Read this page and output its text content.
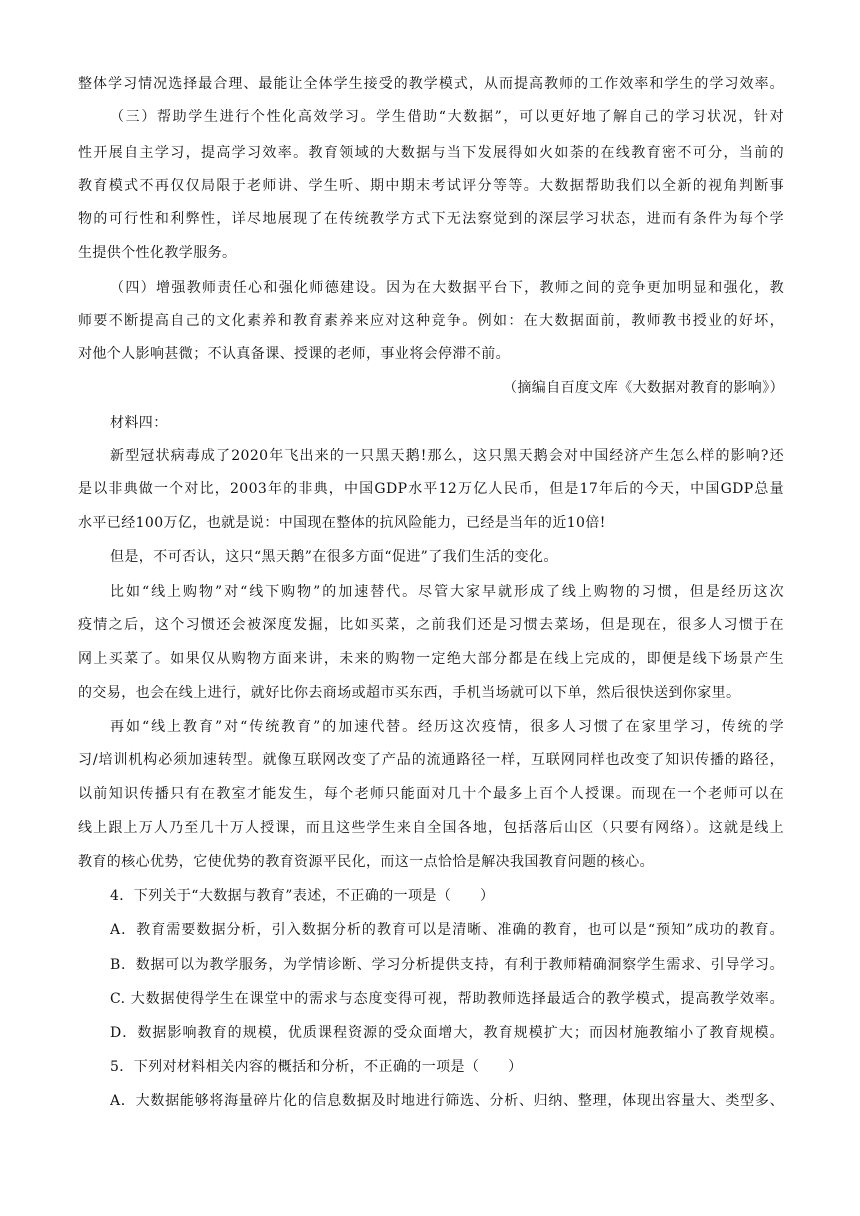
整体学习情况选择最合理、最能让全体学生接受的教学模式，从而提高教师的工作效率和学生的学习效率。
（三）帮助学生进行个性化高效学习。学生借助“大数据”，可以更好地了解自己的学习状况，针对
性开展自主学习，提高学习效率。教育领域的大数据与当下发展得如火如荼的在线教育密不可分，当前的
教育模式不再仅仅局限于老师讲、学生听、期中期末考试评分等等。大数据帮助我们以全新的视角判断事
物的可行性和利弊性，详尽地展现了在传统教学方式下无法察觉到的深层学习状态，进而有条件为每个学
生提供个性化教学服务。
（四）增强教师责任心和强化师德建设。因为在大数据平台下，教师之间的竞争更加明显和强化，教
师要不断提高自己的文化素养和教育素养来应对这种竞争。例如：在大数据面前，教师教书授业的好坏，
对他个人影响甚微；不认真备课、授课的老师，事业将会停滞不前。
（摘编自百度文库《大数据对教育的影响》）
材料四：
新型冠状病毒成了2020年飞出来的一只黑天鹅!那么，这只黑天鹅会对中国经济产生怎么样的影响?还
是以非典做一个对比，2003年的非典，中国GDP水平12万亿人民币，但是17年后的今天，中国GDP总量
水平已经100万亿，也就是说：中国现在整体的抗风险能力，已经是当年的近10倍!
但是，不可否认，这只“黑天鹅”在很多方面“促进”了我们生活的变化。
比如“线上购物”对“线下购物”的加速替代。尽管大家早就形成了线上购物的习惯，但是经历这次
疫情之后，这个习惯还会被深度发掘，比如买菜，之前我们还是习惯去菜场，但是现在，很多人习惯于在
网上买菜了。如果仅从购物方面来讲，未来的购物一定绝大部分都是在线上完成的，即便是线下场景产生
的交易，也会在线上进行，就好比你去商场或超市买东西，手机当场就可以下单，然后很快送到你家里。
再如“线上教育”对“传统教育”的加速代替。经历这次疫情，很多人习惯了在家里学习，传统的学
习/培训机构必须加速转型。就像互联网改变了产品的流通路径一样，互联网同样也改变了知识传播的路径，
以前知识传播只有在教室才能发生，每个老师只能面对几十个最多上百个人授课。而现在一个老师可以在
线上跟上万人乃至几十万人授课，而且这些学生来自全国各地，包括落后山区（只要有网络）。这就是线上
教育的核心优势，它使优势的教育资源平民化，而这一点恰恰是解决我国教育问题的核心。
4．下列关于“大数据与教育”表述，不正确的一项是（　　）
A．教育需要数据分析，引入数据分析的教育可以是清晰、准确的教育，也可以是“预知”成功的教育。
B．数据可以为教学服务，为学情诊断、学习分析提供支持，有利于教师精确洞察学生需求、引导学习。
C. 大数据使得学生在课堂中的需求与态度变得可视，帮助教师选择最适合的教学模式，提高教学效率。
D．数据影响教育的规模，优质课程资源的受众面增大，教育规模扩大；而因材施教缩小了教育规模。
5．下列对材料相关内容的概括和分析，不正确的一项是（　　）
A．大数据能够将海量碎片化的信息数据及时地进行筛选、分析、归纳、整理，体现出容量大、类型多、
